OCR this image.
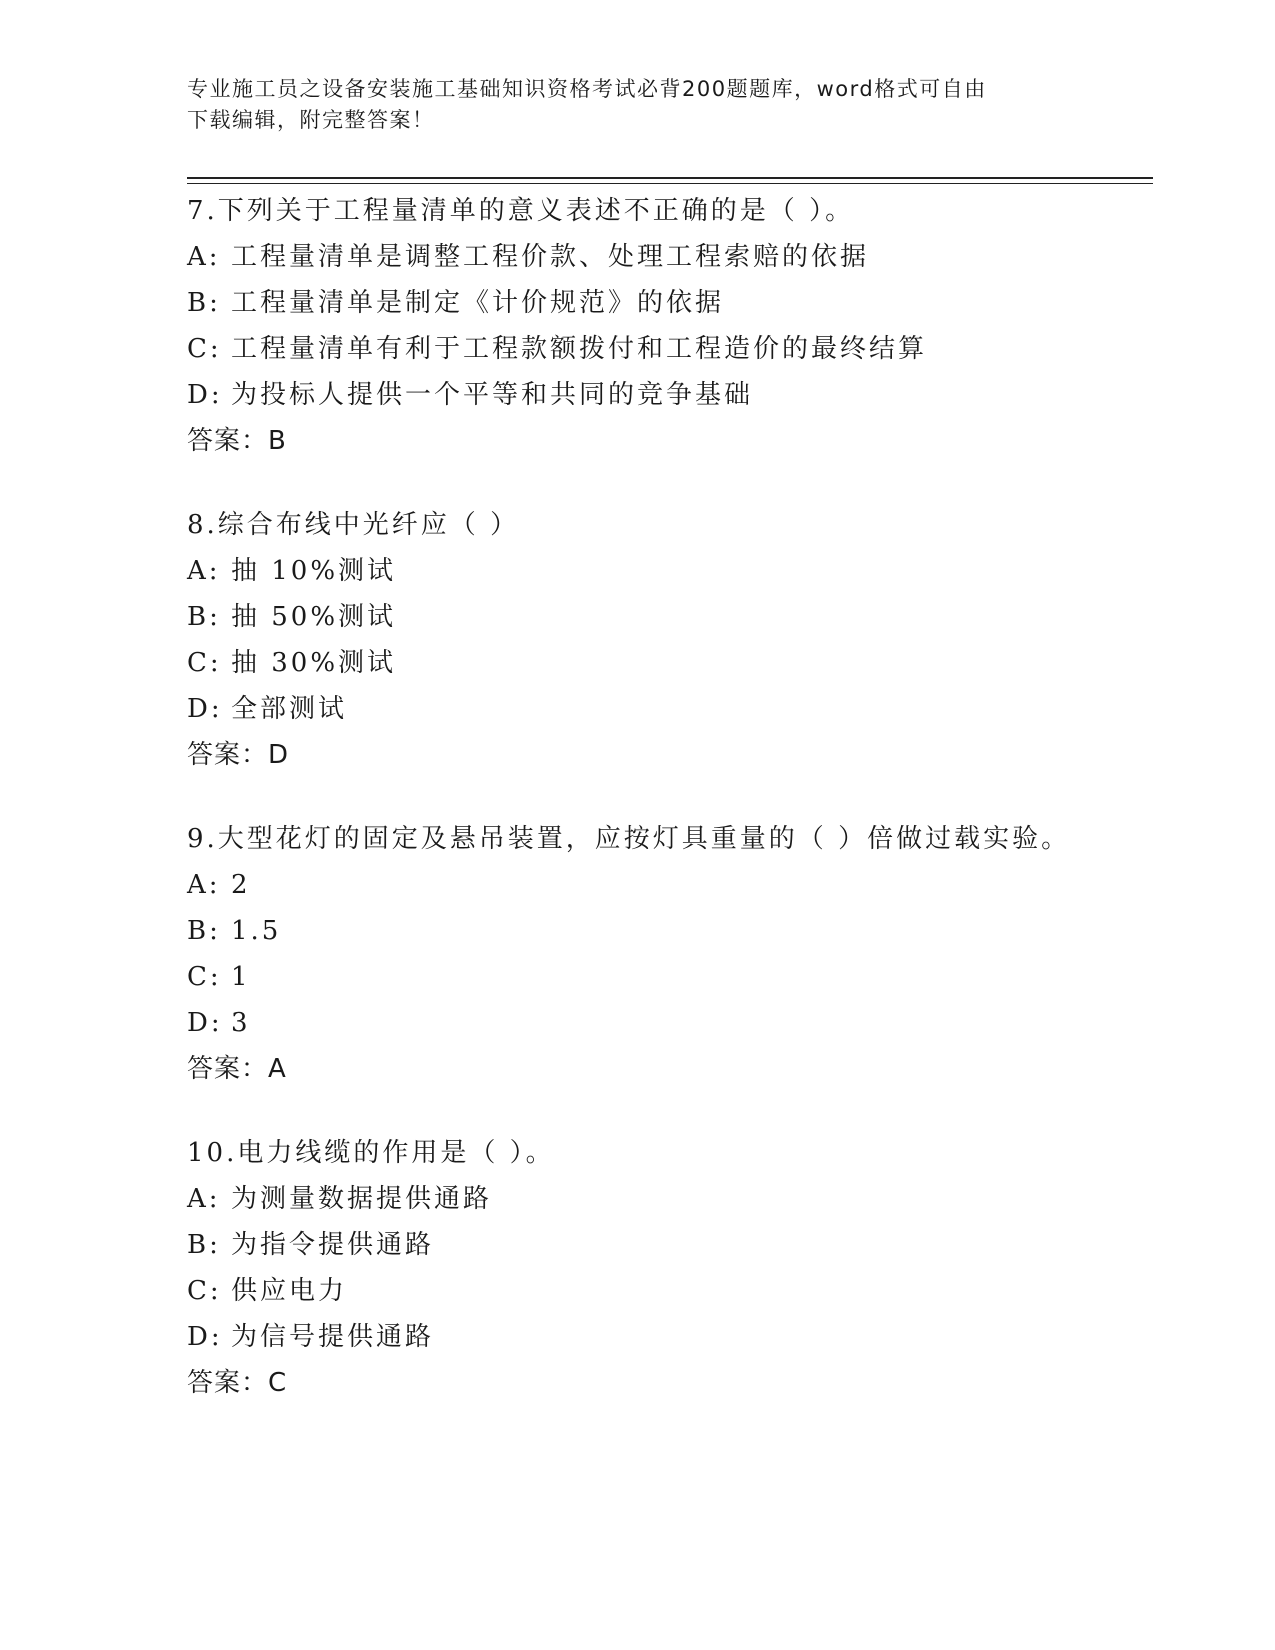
专业施工员之设备安装施工基础知识资格考试必背200题题库，word格式可自由
下载编辑，附完整答案！
7.下列关于工程量清单的意义表述不正确的是（ ）。
A: 工程量清单是调整工程价款、处理工程索赔的依据
B: 工程量清单是制定《计价规范》的依据
C: 工程量清单有利于工程款额拨付和工程造价的最终结算
D: 为投标人提供一个平等和共同的竞争基础
答案：B
8.综合布线中光纤应（ ）
A: 抽 10%测试
B: 抽 50%测试
C: 抽 30%测试
D: 全部测试
答案：D
9.大型花灯的固定及悬吊装置，应按灯具重量的（ ）倍做过载实验。
A: 2
B: 1.5
C: 1
D: 3
答案：A
10.电力线缆的作用是（ ）。
A: 为测量数据提供通路
B: 为指令提供通路
C: 供应电力
D: 为信号提供通路
答案：C
